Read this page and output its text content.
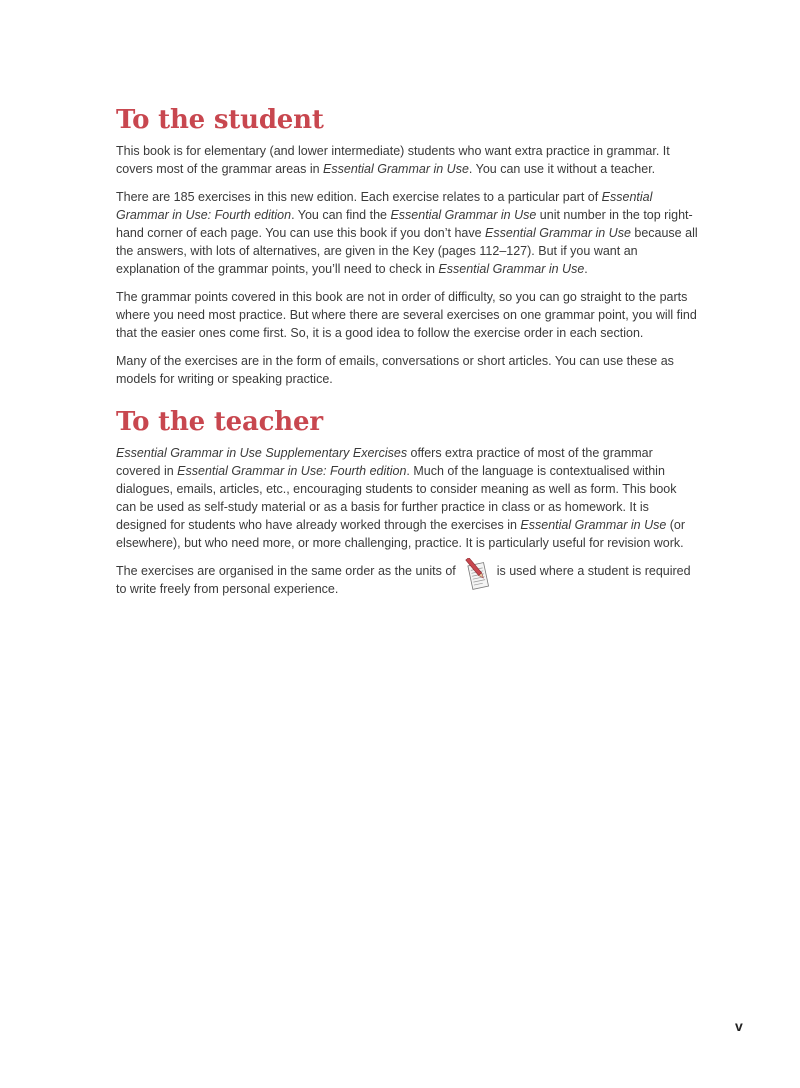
To the student

This book is for elementary (and lower intermediate) students who want extra practice in grammar. It covers most of the grammar areas in Essential Grammar in Use. You can use it without a teacher.

There are 185 exercises in this new edition. Each exercise relates to a particular part of Essential Grammar in Use: Fourth edition. You can find the Essential Grammar in Use unit number in the top right-hand corner of each page. You can use this book if you don’t have Essential Grammar in Use because all the answers, with lots of alternatives, are given in the Key (pages 112–127). But if you want an explanation of the grammar points, you’ll need to check in Essential Grammar in Use.

The grammar points covered in this book are not in order of difficulty, so you can go straight to the parts where you need most practice. But where there are several exercises on one grammar point, you will find that the easier ones come first. So, it is a good idea to follow the exercise order in each section.

Many of the exercises are in the form of emails, conversations or short articles. You can use these as models for writing or speaking practice.

To the teacher

Essential Grammar in Use Supplementary Exercises offers extra practice of most of the grammar covered in Essential Grammar in Use: Fourth edition. Much of the language is contextualised within dialogues, emails, articles, etc., encouraging students to consider meaning as well as form. This book can be used as self-study material or as a basis for further practice in class or as homework. It is designed for students who have already worked through the exercises in Essential Grammar in Use (or elsewhere), but who need more, or more challenging, practice. It is particularly useful for revision work.

The exercises are organised in the same order as the units of	is used where a student is required to write freely from personal experience.

v
